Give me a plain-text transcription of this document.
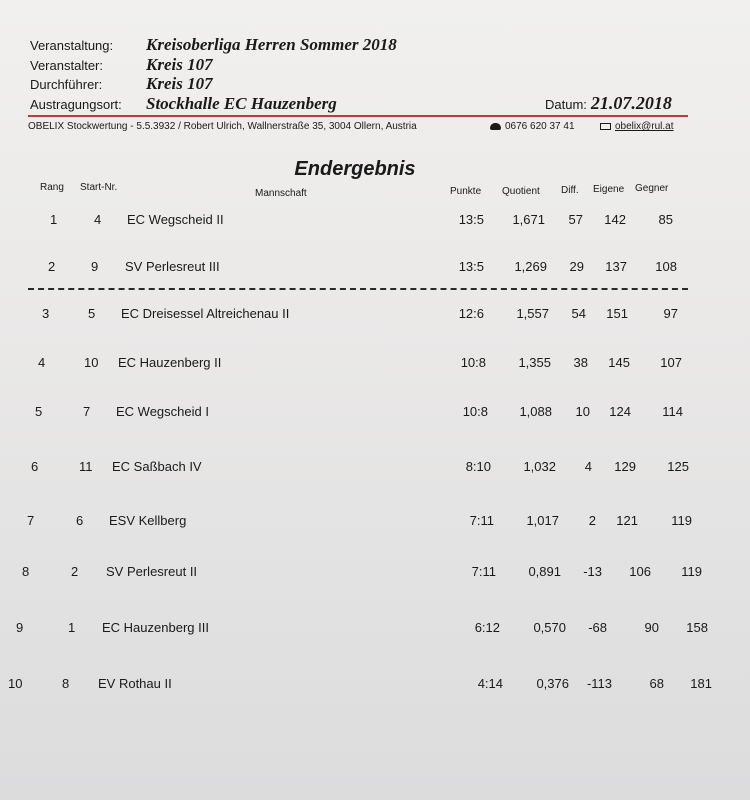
Veranstaltung:	Kreisoberliga Herren Sommer 2018
Veranstalter:	Kreis 107
Durchführer:	Kreis 107
Austragungsort:	Stockhalle EC Hauzenberg	Datum: 21.07.2018
OBELIX Stockwertung - 5.5.3932 / Robert Ulrich, Wallnerstraße 35, 3004 Ollern, Austria	0676 620 37 41	obelix@rul.at
Endergebnis
Rang Start-Nr.
Mannschaft	Punkte Quotient Diff. Eigene Gegner
1	4 EC Wegscheid II	13:5 1,671 57 142	85
2	9 SV Perlesreut III	13:5 1,269 29 137 108
3	5 EC Dreisessel Altreichenau II	12:6 1,557 54 151	97
4	10 EC Hauzenberg II	10:8 1,355 38 145 107
5	7 EC Wegscheid I	10:8 1,088 10 124 114
6	11 EC Saßbach IV	8:10 1,032 4 129 125
7	6 ESV Kellberg	7:11 1,017 2 121	119
8	2 SV Perlesreut II	7:11 0,891 -13 106 119
9	1 EC Hauzenberg III	6:12	0,570 -68	90 158
10	8 EV Rothau II	4:14	0,376 -113	68 181
